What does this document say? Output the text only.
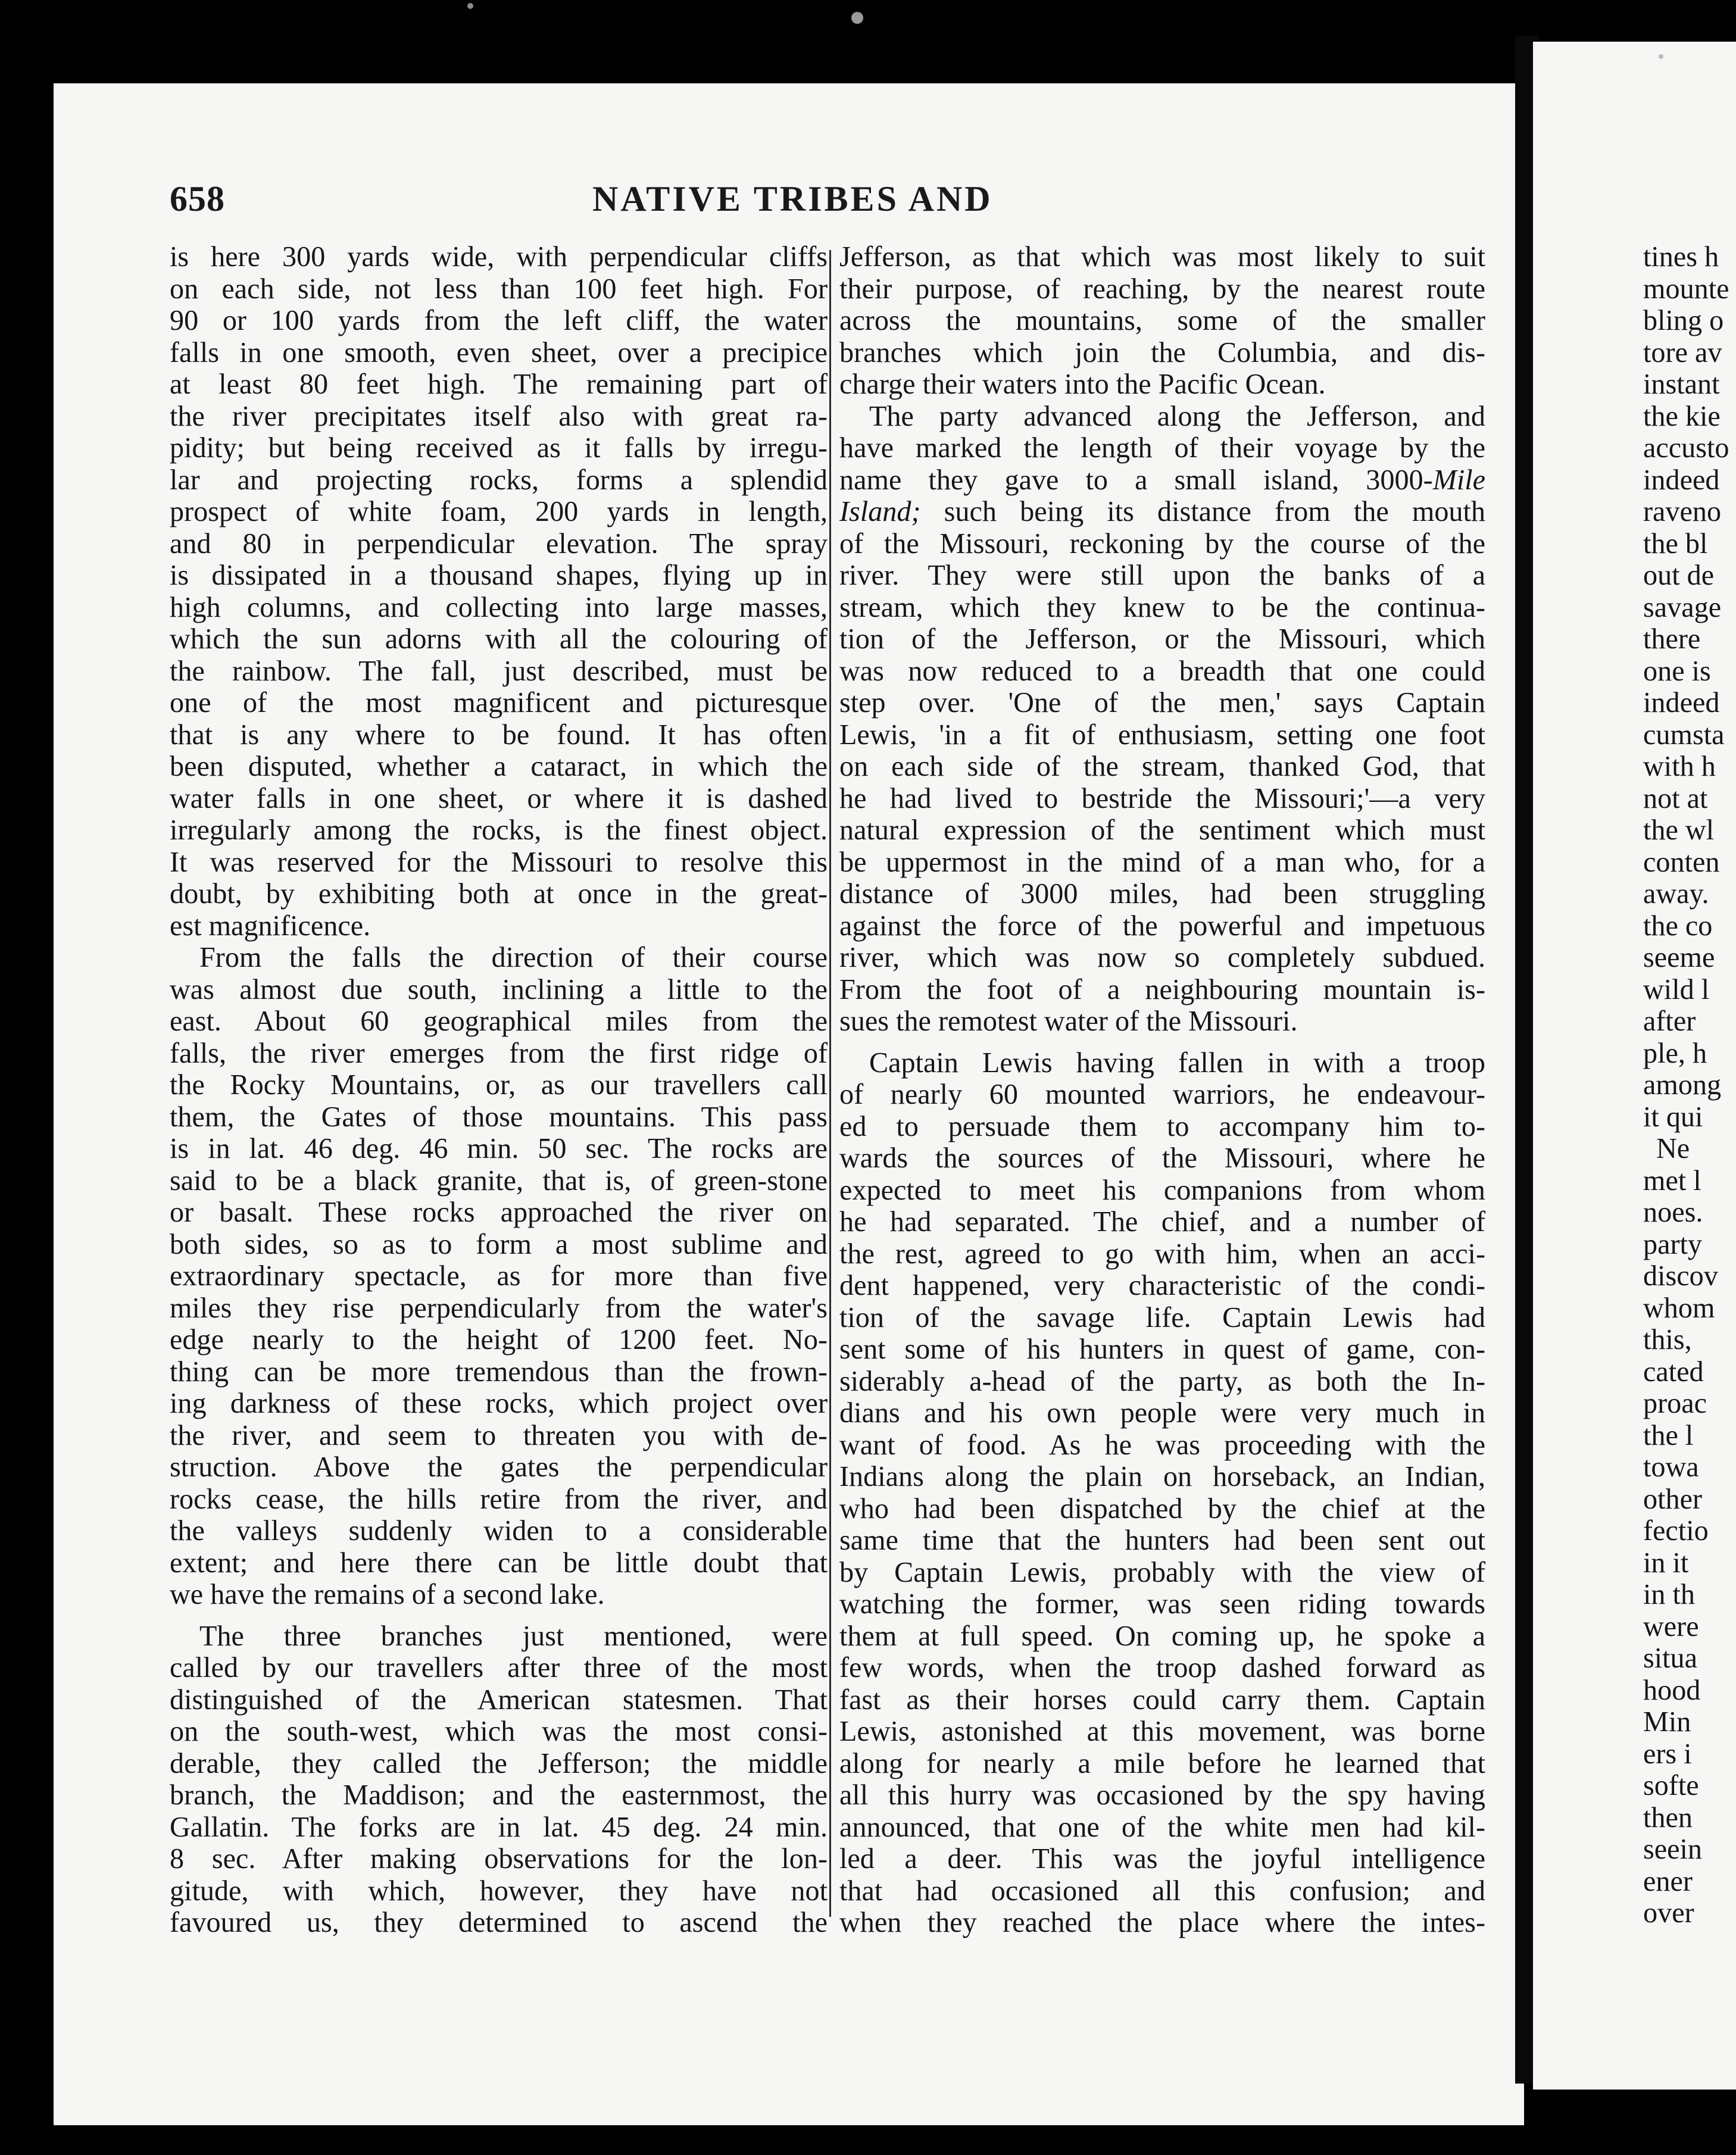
658	NATIVE TRIBES AND
is here 300 yards wide, with perpendicular cliffs
on each side, not less than 100 feet high. For
90 or 100 yards from the left cliff, the water
falls in one smooth, even sheet, over a precipice
at least 80 feet high. The remaining part of
the river precipitates itself also with great ra-
pidity; but being received as it falls by irregu-
lar and projecting rocks, forms a splendid
prospect of white foam, 200 yards in length,
and 80 in perpendicular elevation. The spray
is dissipated in a thousand shapes, flying up in
high columns, and collecting into large masses,
which the sun adorns with all the colouring of
the rainbow. The fall, just described, must be
one of the most magnificent and picturesque
that is any where to be found. It has often
been disputed, whether a cataract, in which the
water falls in one sheet, or where it is dashed
irregularly among the rocks, is the finest object.
It was reserved for the Missouri to resolve this
doubt, by exhibiting both at once in the great-
est magnificence.
From the falls the direction of their course
was almost due south, inclining a little to the
east. About 60 geographical miles from the
falls, the river emerges from the first ridge of
the Rocky Mountains, or, as our travellers call
them, the Gates of those mountains. This pass
is in lat. 46 deg. 46 min. 50 sec. The rocks are
said to be a black granite, that is, of green-stone
or basalt. These rocks approached the river on
both sides, so as to form a most sublime and
extraordinary spectacle, as for more than five
miles they rise perpendicularly from the water's
edge nearly to the height of 1200 feet. No-
thing can be more tremendous than the frown-
ing darkness of these rocks, which project over
the river, and seem to threaten you with de-
struction. Above the gates the perpendicular
rocks cease, the hills retire from the river, and
the valleys suddenly widen to a considerable
extent; and here there can be little doubt that
we have the remains of a second lake.
The three branches just mentioned, were
called by our travellers after three of the most
distinguished of the American statesmen. That
on the south-west, which was the most consi-
derable, they called the Jefferson; the middle
branch, the Maddison; and the easternmost, the
Gallatin. The forks are in lat. 45 deg. 24 min.
8 sec. After making observations for the lon-
gitude, with which, however, they have not
favoured us, they determined to ascend the
Jefferson, as that which was most likely to suit
their purpose, of reaching, by the nearest route
across the mountains, some of the smaller
branches which join the Columbia, and dis-
charge their waters into the Pacific Ocean.
The party advanced along the Jefferson, and
have marked the length of their voyage by the
name they gave to a small island, 3000-Mile
Island; such being its distance from the mouth
of the Missouri, reckoning by the course of the
river. They were still upon the banks of a
stream, which they knew to be the continua-
tion of the Jefferson, or the Missouri, which
was now reduced to a breadth that one could
step over. 'One of the men,' says Captain
Lewis, 'in a fit of enthusiasm, setting one foot
on each side of the stream, thanked God, that
he had lived to bestride the Missouri;'—a very
natural expression of the sentiment which must
be uppermost in the mind of a man who, for a
distance of 3000 miles, had been struggling
against the force of the powerful and impetuous
river, which was now so completely subdued.
From the foot of a neighbouring mountain is-
sues the remotest water of the Missouri.
Captain Lewis having fallen in with a troop
of nearly 60 mounted warriors, he endeavour-
ed to persuade them to accompany him to-
wards the sources of the Missouri, where he
expected to meet his companions from whom
he had separated. The chief, and a number of
the rest, agreed to go with him, when an acci-
dent happened, very characteristic of the condi-
tion of the savage life. Captain Lewis had
sent some of his hunters in quest of game, con-
siderably a-head of the party, as both the In-
dians and his own people were very much in
want of food. As he was proceeding with the
Indians along the plain on horseback, an Indian,
who had been dispatched by the chief at the
same time that the hunters had been sent out
by Captain Lewis, probably with the view of
watching the former, was seen riding towards
them at full speed. On coming up, he spoke a
few words, when the troop dashed forward as
fast as their horses could carry them. Captain
Lewis, astonished at this movement, was borne
along for nearly a mile before he learned that
all this hurry was occasioned by the spy having
announced, that one of the white men had kil-
led a deer. This was the joyful intelligence
that had occasioned all this confusion; and
when they reached the place where the intes-
tines h
mounte
bling o
tore av
instant
the kie
accusto
indeed
raveno
the bl
out de
savage
there
one is
indeed
cumsta
with h
not at
the wl
conten
away.
the co
seeme
wild l
after
ple, h
among
it qui
Ne
met l
noes.
party
discov
whom
this,
cated
proac
the l
towa
other
fectio
in it
in th
were
situa
hood
Min
ers i
softe
then
seein
ener
over
